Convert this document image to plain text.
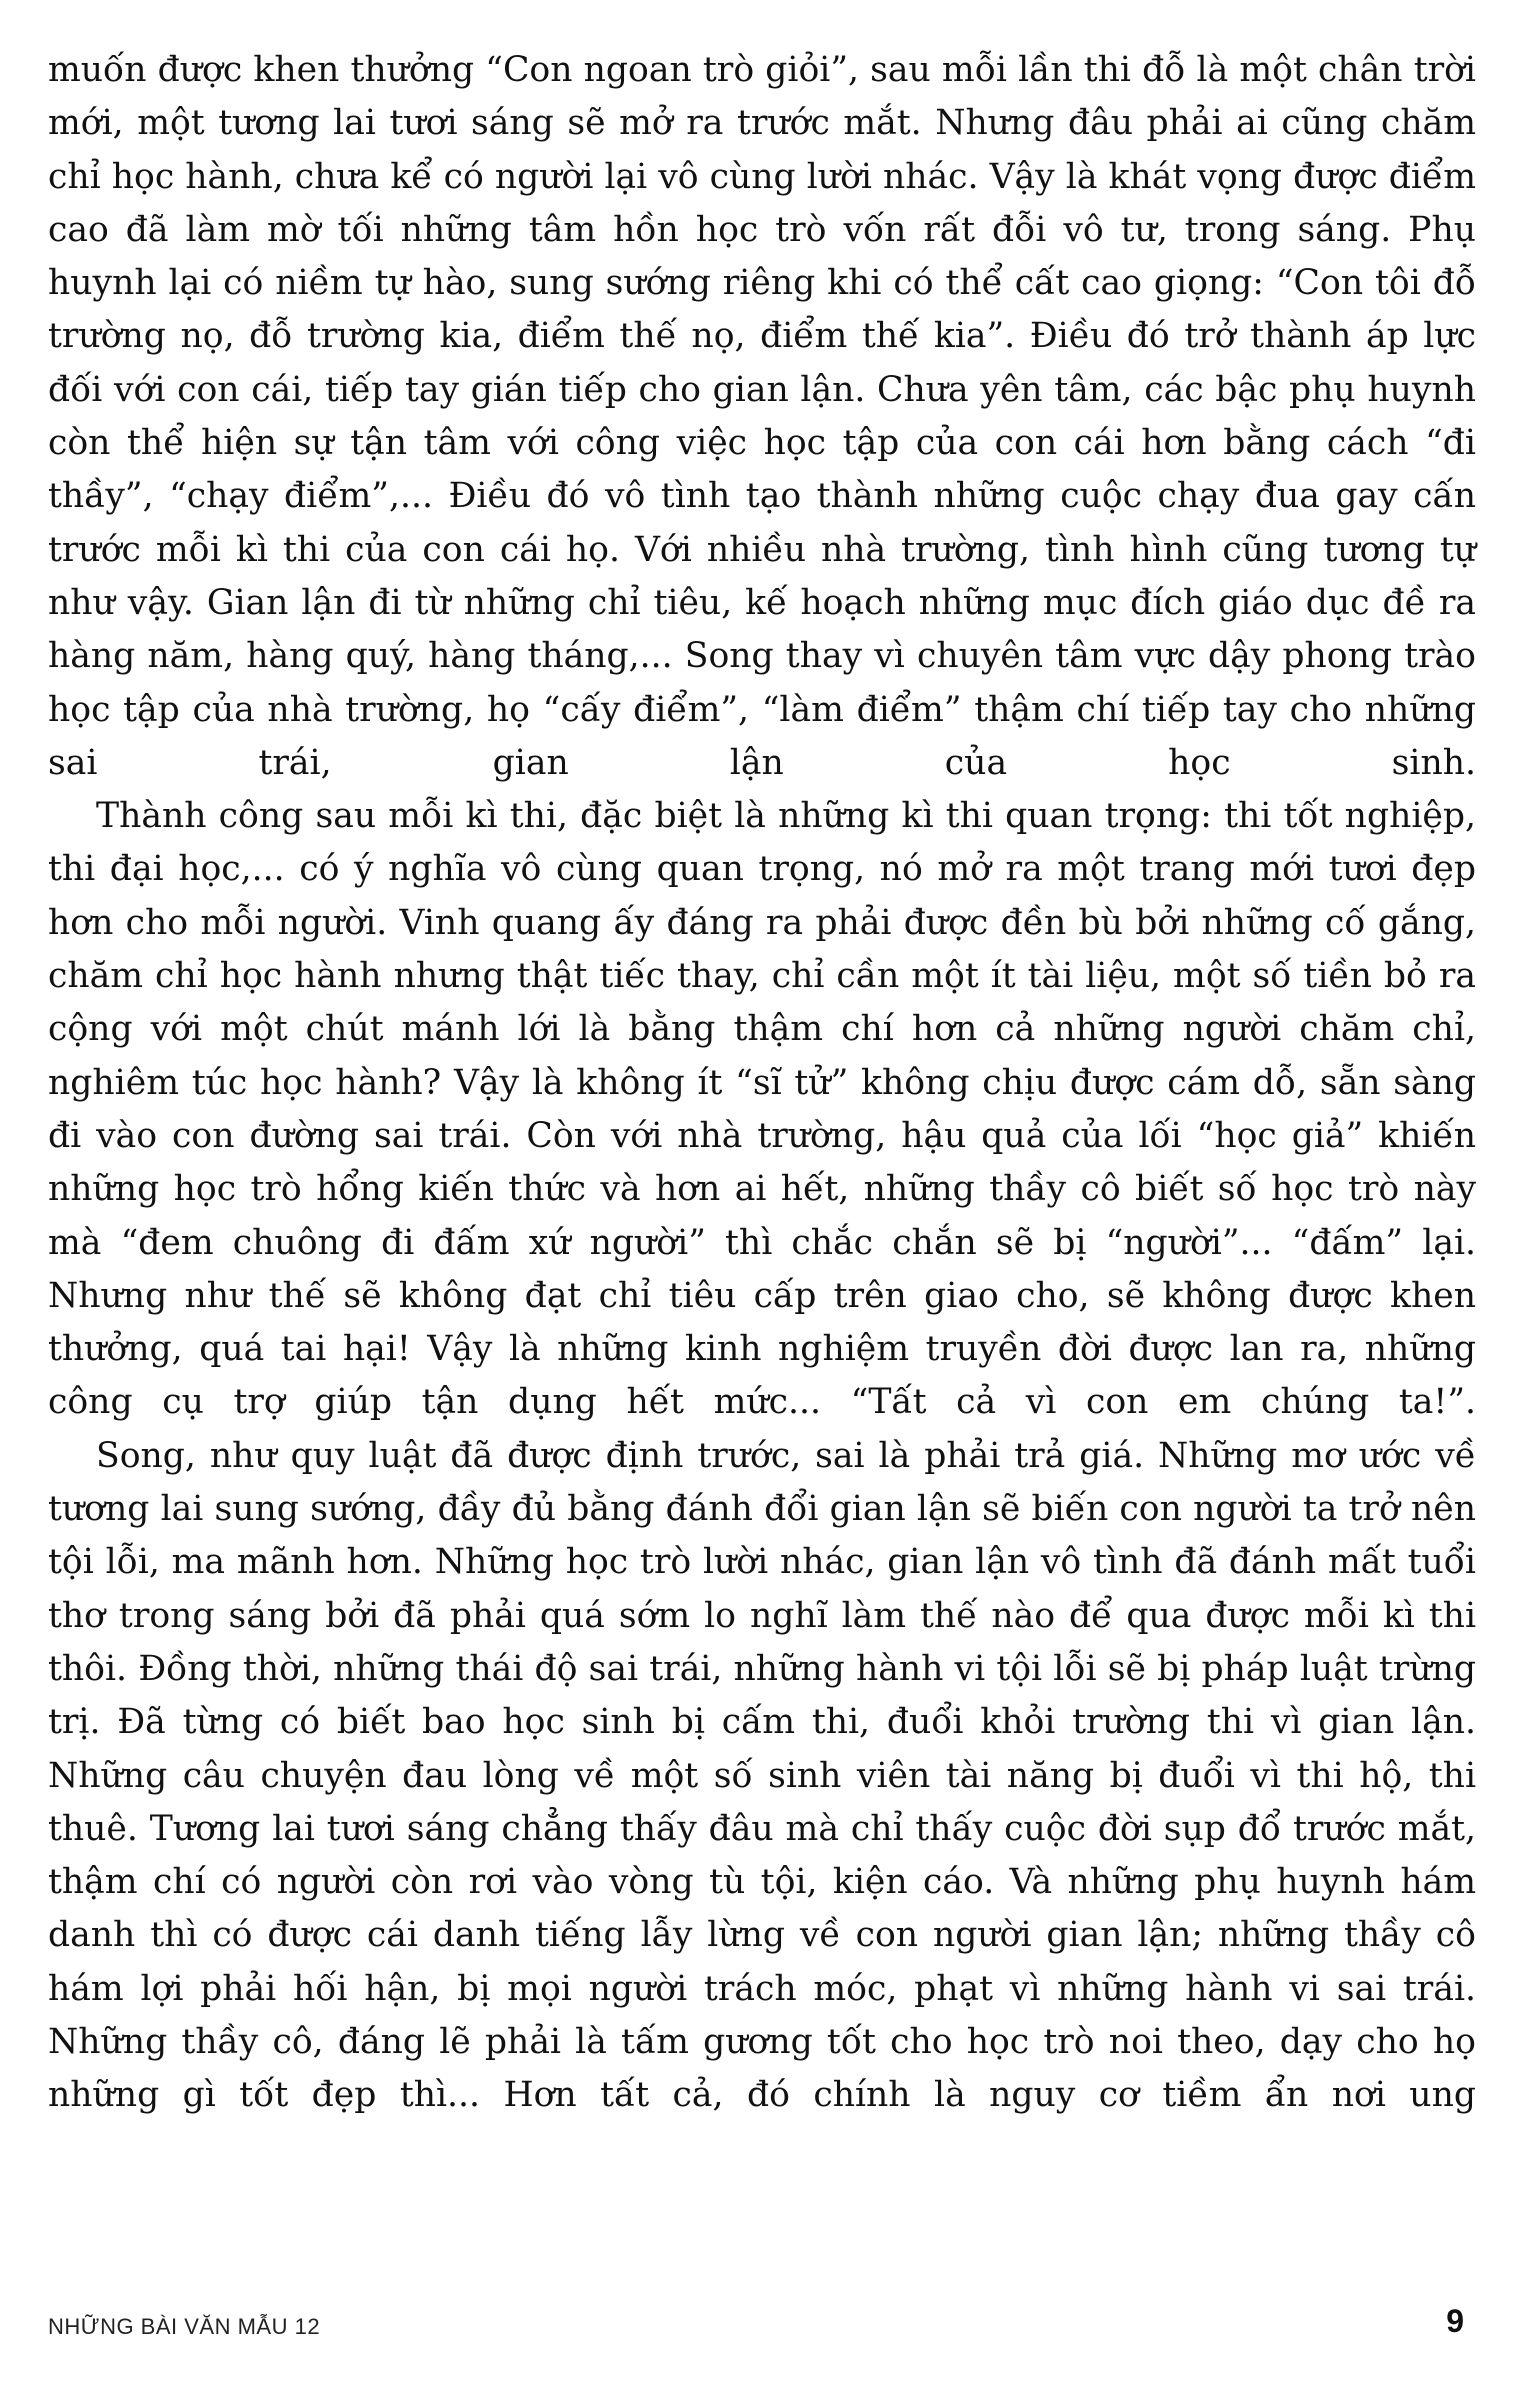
muốn được khen thưởng “Con ngoan trò giỏi”, sau mỗi lần thi đỗ là một chân trời mới, một tương lai tươi sáng sẽ mở ra trước mắt. Nhưng đâu phải ai cũng chăm chỉ học hành, chưa kể có người lại vô cùng lười nhác. Vậy là khát vọng được điểm cao đã làm mờ tối những tâm hồn học trò vốn rất đỗi vô tư, trong sáng. Phụ huynh lại có niềm tự hào, sung sướng riêng khi có thể cất cao giọng: “Con tôi đỗ trường nọ, đỗ trường kia, điểm thế nọ, điểm thế kia”. Điều đó trở thành áp lực đối với con cái, tiếp tay gián tiếp cho gian lận. Chưa yên tâm, các bậc phụ huynh còn thể hiện sự tận tâm với công việc học tập của con cái hơn bằng cách “đi thầy”, “chạy điểm”,... Điều đó vô tình tạo thành những cuộc chạy đua gay cấn trước mỗi kì thi của con cái họ. Với nhiều nhà trường, tình hình cũng tương tự như vậy. Gian lận đi từ những chỉ tiêu, kế hoạch những mục đích giáo dục đề ra hàng năm, hàng quý, hàng tháng,... Song thay vì chuyên tâm vực dậy phong trào học tập của nhà trường, họ “cấy điểm”, “làm điểm” thậm chí tiếp tay cho những sai trái, gian lận của học sinh.

Thành công sau mỗi kì thi, đặc biệt là những kì thi quan trọng: thi tốt nghiệp, thi đại học,... có ý nghĩa vô cùng quan trọng, nó mở ra một trang mới tươi đẹp hơn cho mỗi người. Vinh quang ấy đáng ra phải được đền bù bởi những cố gắng, chăm chỉ học hành nhưng thật tiếc thay, chỉ cần một ít tài liệu, một số tiền bỏ ra cộng với một chút mánh lới là bằng thậm chí hơn cả những người chăm chỉ, nghiêm túc học hành? Vậy là không ít “sĩ tử” không chịu được cám dỗ, sẵn sàng đi vào con đường sai trái. Còn với nhà trường, hậu quả của lối “học giả” khiến những học trò hổng kiến thức và hơn ai hết, những thầy cô biết số học trò này mà “đem chuông đi đấm xứ người” thì chắc chắn sẽ bị “người”... “đấm” lại. Nhưng như thế sẽ không đạt chỉ tiêu cấp trên giao cho, sẽ không được khen thưởng, quá tai hại! Vậy là những kinh nghiệm truyền đời được lan ra, những công cụ trợ giúp tận dụng hết mức... “Tất cả vì con em chúng ta!”.

Song, như quy luật đã được định trước, sai là phải trả giá. Những mơ ước về tương lai sung sướng, đầy đủ bằng đánh đổi gian lận sẽ biến con người ta trở nên tội lỗi, ma mãnh hơn. Những học trò lười nhác, gian lận vô tình đã đánh mất tuổi thơ trong sáng bởi đã phải quá sớm lo nghĩ làm thế nào để qua được mỗi kì thi thôi. Đồng thời, những thái độ sai trái, những hành vi tội lỗi sẽ bị pháp luật trừng trị. Đã từng có biết bao học sinh bị cấm thi, đuổi khỏi trường thi vì gian lận. Những câu chuyện đau lòng về một số sinh viên tài năng bị đuổi vì thi hộ, thi thuê. Tương lai tươi sáng chẳng thấy đâu mà chỉ thấy cuộc đời sụp đổ trước mắt, thậm chí có người còn rơi vào vòng tù tội, kiện cáo. Và những phụ huynh hám danh thì có được cái danh tiếng lẫy lừng về con người gian lận; những thầy cô hám lợi phải hối hận, bị mọi người trách móc, phạt vì những hành vi sai trái. Những thầy cô, đáng lẽ phải là tấm gương tốt cho học trò noi theo, dạy cho họ những gì tốt đẹp thì... Hơn tất cả, đó chính là nguy cơ tiềm ẩn nơi ung

NHỮNG BÀI VĂN MẪU 12	9
